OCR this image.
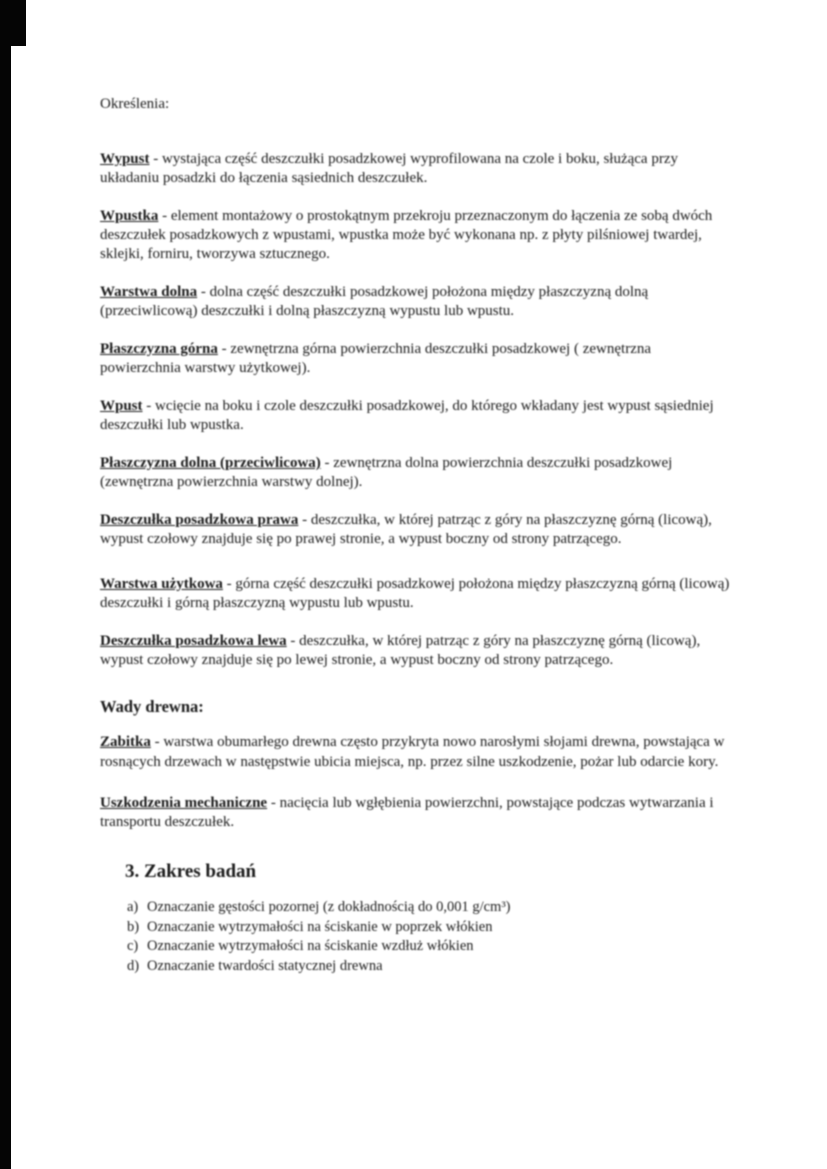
Określenia:

Wypust - wystająca część deszczułki posadzkowej wyprofilowana na czole i boku, służąca przy układaniu posadzki do łączenia sąsiednich deszczułek.

Wpustka - element montażowy o prostokątnym przekroju przeznaczonym do łączenia ze sobą dwóch deszczułek posadzkowych z wpustami, wpustka może być wykonana np. z płyty pilśniowej twardej, sklejki, forniru, tworzywa sztucznego.

Warstwa dolna - dolna część deszczułki posadzkowej położona między płaszczyzną dolną (przeciwlicową) deszczułki i dolną płaszczyzną wypustu lub wpustu.

Płaszczyzna górna - zewnętrzna górna powierzchnia deszczułki posadzkowej ( zewnętrzna powierzchnia warstwy użytkowej).

Wpust - wcięcie na boku i czole deszczułki posadzkowej, do którego wkładany jest wypust sąsiedniej deszczułki lub wpustka.

Płaszczyzna dolna (przeciwlicowa) - zewnętrzna dolna powierzchnia deszczułki posadzkowej (zewnętrzna powierzchnia warstwy dolnej).

Deszczułka posadzkowa prawa - deszczułka, w której patrząc z góry na płaszczyznę górną (licową), wypust czołowy znajduje się po prawej stronie, a wypust boczny od strony patrzącego.

Warstwa użytkowa - górna część deszczułki posadzkowej położona między płaszczyzną górną (licową) deszczułki i górną płaszczyzną wypustu lub wpustu.

Deszczułka posadzkowa lewa - deszczułka, w której patrząc z góry na płaszczyznę górną (licową), wypust czołowy znajduje się po lewej stronie, a wypust boczny od strony patrzącego.

Wady drewna:

Zabitka - warstwa obumarłego drewna często przykryta nowo narosłymi słojami drewna, powstająca w rosnących drzewach w następstwie ubicia miejsca, np. przez silne uszkodzenie, pożar lub odarcie kory.

Uszkodzenia mechaniczne - nacięcia lub wgłębienia powierzchni, powstające podczas wytwarzania i transportu deszczułek.

3. Zakres badań

a) Oznaczanie gęstości pozornej (z dokładnością do 0,001 g/cm³)
b) Oznaczanie wytrzymałości na ściskanie w poprzek włókien
c) Oznaczanie wytrzymałości na ściskanie wzdłuż włókien
d) Oznaczanie twardości statycznej drewna
